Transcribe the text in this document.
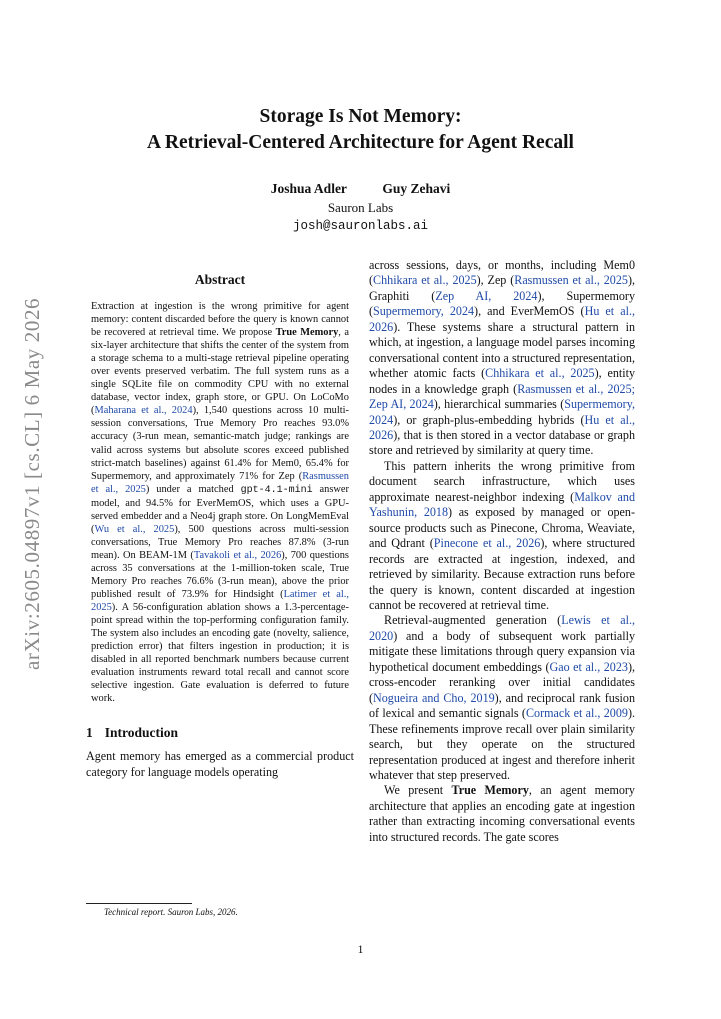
arXiv:2605.04897v1 [cs.CL] 6 May 2026
Storage Is Not Memory:
A Retrieval-Centered Architecture for Agent Recall
Joshua Adler	Guy Zehavi
Sauron Labs
josh@sauronlabs.ai
Abstract

Extraction at ingestion is the wrong primitive for agent memory: content discarded before the query is known cannot be recovered at retrieval time. We propose True Memory, a six-layer architecture that shifts the center of the system from a storage schema to a multi-stage retrieval pipeline operating over events preserved verbatim. The full system runs as a single SQLite file on commodity CPU with no external database, vector index, graph store, or GPU. On LoCoMo (Maharana et al., 2024), 1,540 questions across 10 multi-session conversations, True Memory Pro reaches 93.0% accuracy (3-run mean, semantic-match judge; rankings are valid across systems but absolute scores exceed published strict-match baselines) against 61.4% for Mem0, 65.4% for Supermemory, and approximately 71% for Zep (Rasmussen et al., 2025) under a matched gpt-4.1-mini answer model, and 94.5% for EverMemOS, which uses a GPU-served embedder and a Neo4j graph store. On LongMemEval (Wu et al., 2025), 500 questions across multi-session conversations, True Memory Pro reaches 87.8% (3-run mean). On BEAM-1M (Tavakoli et al., 2026), 700 questions across 35 conversations at the 1-million-token scale, True Memory Pro reaches 76.6% (3-run mean), above the prior published result of 73.9% for Hindsight (Latimer et al., 2025). A 56-configuration ablation shows a 1.3-percentage-point spread within the top-performing configuration family. The system also includes an encoding gate (novelty, salience, prediction error) that filters ingestion in production; it is disabled in all reported benchmark numbers because current evaluation instruments reward total recall and cannot score selective ingestion. Gate evaluation is deferred to future work.

1 Introduction

Agent memory has emerged as a commercial product category for language models operating

across sessions, days, or months, including Mem0 (Chhikara et al., 2025), Zep (Rasmussen et al., 2025), Graphiti (Zep AI, 2024), Supermemory (Supermemory, 2024), and EverMemOS (Hu et al., 2026). These systems share a structural pattern in which, at ingestion, a language model parses incoming conversational content into a structured representation, whether atomic facts (Chhikara et al., 2025), entity nodes in a knowledge graph (Rasmussen et al., 2025; Zep AI, 2024), hierarchical summaries (Supermemory, 2024), or graph-plus-embedding hybrids (Hu et al., 2026), that is then stored in a vector database or graph store and retrieved by similarity at query time.

This pattern inherits the wrong primitive from document search infrastructure, which uses approximate nearest-neighbor indexing (Malkov and Yashunin, 2018) as exposed by managed or open-source products such as Pinecone, Chroma, Weaviate, and Qdrant (Pinecone et al., 2026), where structured records are extracted at ingestion, indexed, and retrieved by similarity. Because extraction runs before the query is known, content discarded at ingestion cannot be recovered at retrieval time.

Retrieval-augmented generation (Lewis et al., 2020) and a body of subsequent work partially mitigate these limitations through query expansion via hypothetical document embeddings (Gao et al., 2023), cross-encoder reranking over initial candidates (Nogueira and Cho, 2019), and reciprocal rank fusion of lexical and semantic signals (Cormack et al., 2009). These refinements improve recall over plain similarity search, but they operate on the structured representation produced at ingest and therefore inherit whatever that step preserved.

We present True Memory, an agent memory architecture that applies an encoding gate at ingestion rather than extracting incoming conversational events into structured records. The gate scores

Technical report. Sauron Labs, 2026.
1
